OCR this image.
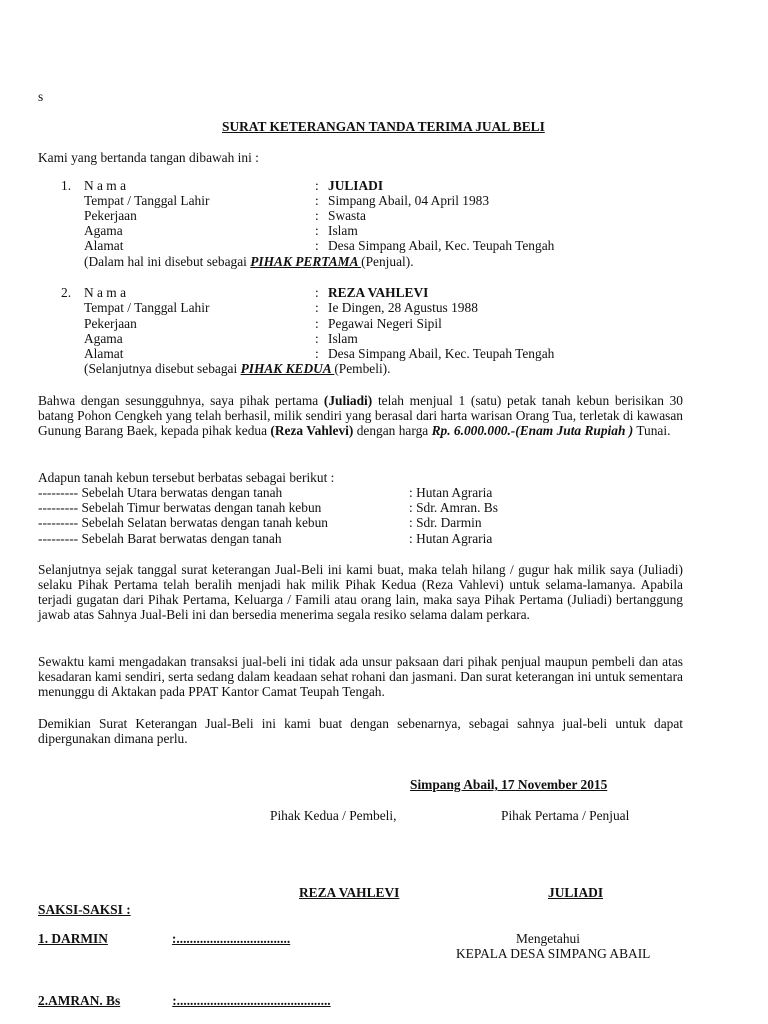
s
SURAT KETERANGAN TANDA TERIMA JUAL BELI
Kami yang bertanda tangan dibawah ini :
1. N a m a	: JULIADI
Tempat / Tanggal Lahir	: Simpang Abail, 04 April 1983
Pekerjaan	: Swasta
Agama	: Islam
Alamat	: Desa Simpang Abail, Kec. Teupah Tengah
(Dalam hal ini disebut sebagai PIHAK PERTAMA (Penjual).
2. N a m a	: REZA VAHLEVI
Tempat / Tanggal Lahir	: Ie Dingen, 28 Agustus 1988
Pekerjaan	: Pegawai Negeri Sipil
Agama	: Islam
Alamat	: Desa Simpang Abail, Kec. Teupah Tengah
(Selanjutnya disebut sebagai PIHAK KEDUA (Pembeli).
Bahwa dengan sesungguhnya, saya pihak pertama (Juliadi) telah menjual 1 (satu) petak tanah kebun berisikan 30 batang Pohon Cengkeh yang telah berhasil, milik sendiri yang berasal dari harta warisan Orang Tua, terletak di kawasan Gunung Barang Baek, kepada pihak kedua (Reza Vahlevi) dengan harga Rp. 6.000.000.-(Enam Juta Rupiah ) Tunai.
Adapun tanah kebun tersebut berbatas sebagai berikut :
--------- Sebelah Utara berwatas dengan tanah	: Hutan Agraria
--------- Sebelah Timur berwatas dengan tanah kebun	: Sdr. Amran. Bs
--------- Sebelah Selatan berwatas dengan tanah kebun	: Sdr. Darmin
--------- Sebelah Barat berwatas dengan tanah	: Hutan Agraria
Selanjutnya sejak tanggal surat keterangan Jual-Beli ini kami buat, maka telah hilang / gugur hak milik saya (Juliadi) selaku Pihak Pertama telah beralih menjadi hak milik Pihak Kedua (Reza Vahlevi) untuk selama-lamanya. Apabila terjadi gugatan dari Pihak Pertama, Keluarga / Famili atau orang lain, maka saya Pihak Pertama (Juliadi) bertanggung jawab atas Sahnya Jual-Beli ini dan bersedia menerima segala resiko selama dalam perkara.
Sewaktu kami mengadakan transaksi jual-beli ini tidak ada unsur paksaan dari pihak penjual maupun pembeli dan atas kesadaran kami sendiri, serta sedang dalam keadaan sehat rohani dan jasmani. Dan surat keterangan ini untuk sementara menunggu di Aktakan pada PPAT Kantor Camat Teupah Tengah.
Demikian Surat Keterangan Jual-Beli ini kami buat dengan sebenarnya, sebagai sahnya jual-beli untuk dapat dipergunakan dimana perlu.
Simpang Abail, 17 November 2015
Pihak Kedua / Pembeli,	Pihak Pertama / Penjual
REZA VAHLEVI	JULIADI
SAKSI-SAKSI :
1. DARMIN	:..................................
2.AMRAN. Bs	:..............................................
Mengetahui
KEPALA DESA SIMPANG ABAIL
